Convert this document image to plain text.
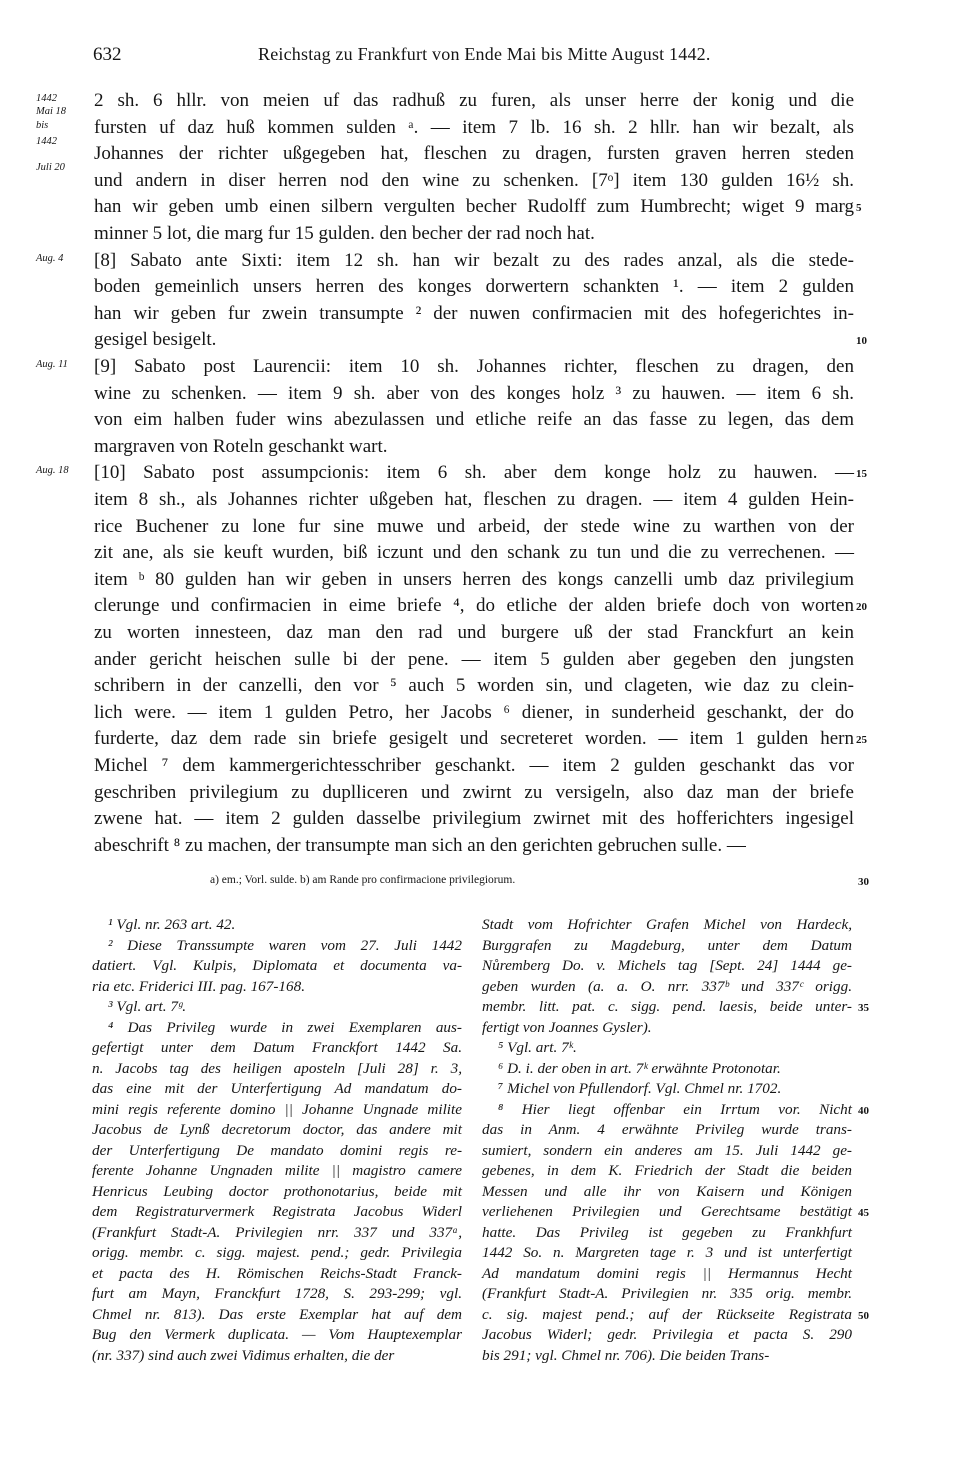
632	Reichstag zu Frankfurt von Ende Mai bis Mitte August 1442.
2 sh. 6 hllr. von meien uf das radhuß zu furen, als unser herre der konig und die
fursten uf daz huß kommen sulden ᵃ. — item 7 lb. 16 sh. 2 hllr. han wir bezalt, als
Johannes der richter ußgegeben hat, fleschen zu dragen, fursten graven herren steden
und andern in diser herren nod den wine zu schenken. [7ᵒ] item 130 gulden 16½ sh.
han wir geben umb einen silbern vergulten becher Rudolff zum Humbrecht; wiget 9 marg
minner 5 lot, die marg fur 15 gulden. den becher der rad noch hat.
[8] Sabato ante Sixti: item 12 sh. han wir bezalt zu des rades anzal, als die stede-
boden gemeinlich unsers herren des konges dorwertern schankten ¹. — item 2 gulden
han wir geben fur zwein transumpte ² der nuwen confirmacien mit des hofegerichtes in-
gesigel besigelt.
[9] Sabato post Laurencii: item 10 sh. Johannes richter, fleschen zu dragen, den
wine zu schenken. — item 9 sh. aber von des konges holz ³ zu hauwen. — item 6 sh.
von eim halben fuder wins abezulassen und etliche reife an das fasse zu legen, das dem
margraven von Roteln geschankt wart.
[10] Sabato post assumpcionis: item 6 sh. aber dem konge holz zu hauwen. —
item 8 sh., als Johannes richter ußgeben hat, fleschen zu dragen. — item 4 gulden Hein-
rice Buchener zu lone fur sine muwe und arbeid, der stede wine zu warthen von der
zit ane, als sie keuft wurden, biß iczunt und den schank zu tun und die zu verrechenen. —
item ᵇ 80 gulden han wir geben in unsers herren des kongs canzelli umb daz privilegium
clerunge und confirmacien in eime briefe ⁴, do etliche der alden briefe doch von worten
zu worten innesteen, daz man den rad und burgere uß der stad Franckfurt an kein
ander gericht heischen sulle bi der pene. — item 5 gulden aber gegeben den jungsten
schribern in der canzelli, den vor ⁵ auch 5 worden sin, und clageten, wie daz zu clein-
lich were. — item 1 gulden Petro, her Jacobs ⁶ diener, in sunderheid geschankt, der do
furderte, daz dem rade sin briefe gesigelt und secreteret worden. — item 1 gulden hern
Michel ⁷ dem kammergerichtesschriber geschankt. — item 2 gulden geschankt das vor
geschriben privilegium zu duplliceren und zwirnt zu versigeln, also daz man der briefe
zwene hat. — item 2 gulden dasselbe privilegium zwirnet mit des hofferichters ingesigel
abeschrift ⁸ zu machen, der transumpte man sich an den gerichten gebruchen sulle. —
1442
Mai 18
bis
1442
Juli 20
Aug. 4
Aug. 11
Aug. 18
5
10
15
20
25
a) em.; Vorl. sulde. b) am Rande pro confirmacione privilegiorum.	30
¹ Vgl. nr. 263 art. 42.
² Diese Transsumpte waren vom 27. Juli 1442
datiert. Vgl. Kulpis, Diplomata et documenta va-
ria etc. Friderici III. pag. 167-168.
³ Vgl. art. 7ᵍ.
⁴ Das Privileg wurde in zwei Exemplaren aus-
gefertigt unter dem Datum Franckfort 1442 Sa.
n. Jacobs tag des heiligen aposteln [Juli 28] r. 3,
das eine mit der Unterfertigung Ad mandatum do-
mini regis referente domino || Johanne Ungnade milite
Jacobus de Lynß decretorum doctor, das andere mit
der Unterfertigung De mandato domini regis re-
ferente Johanne Ungnaden milite || magistro camere
Henricus Leubing doctor prothonotarius, beide mit
dem Registraturvermerk Registrata Jacobus Widerl
(Frankfurt Stadt-A. Privilegien nrr. 337 und 337ᵃ,
origg. membr. c. sigg. majest. pend.; gedr. Privilegia
et pacta des H. Römischen Reichs-Stadt Franck-
furt am Mayn, Franckfurt 1728, S. 293-299; vgl.
Chmel nr. 813). Das erste Exemplar hat auf dem
Bug den Vermerk duplicata. — Vom Hauptexemplar
(nr. 337) sind auch zwei Vidimus erhalten, die der
Stadt vom Hofrichter Grafen Michel von Hardeck,
Burggrafen zu Magdeburg, unter dem Datum
Nůremberg Do. v. Michels tag [Sept. 24] 1444 ge-
geben wurden (a. a. O. nrr. 337ᵇ und 337ᶜ origg.
membr. litt. pat. c. sigg. pend. laesis, beide unter-
fertigt von Joannes Gysler).
⁵ Vgl. art. 7ᵏ.
⁶ D. i. der oben in art. 7ᵏ erwähnte Protonotar.
⁷ Michel von Pfullendorf. Vgl. Chmel nr. 1702.
⁸ Hier liegt offenbar ein Irrtum vor. Nicht
das in Anm. 4 erwähnte Privileg wurde trans-
sumiert, sondern ein anderes am 15. Juli 1442 ge-
gebenes, in dem K. Friedrich der Stadt die beiden
Messen und alle ihr von Kaisern und Königen
verliehenen Privilegien und Gerechtsame bestätigt
hatte. Das Privileg ist gegeben zu Frankhfurt
1442 So. n. Margreten tage r. 3 und ist unterfertigt
Ad mandatum domini regis || Hermannus Hecht
(Frankfurt Stadt-A. Privilegien nr. 335 orig. membr.
c. sig. majest pend.; auf der Rückseite Registrata
Jacobus Widerl; gedr. Privilegia et pacta S. 290
bis 291; vgl. Chmel nr. 706). Die beiden Trans-
35
40
45
50
